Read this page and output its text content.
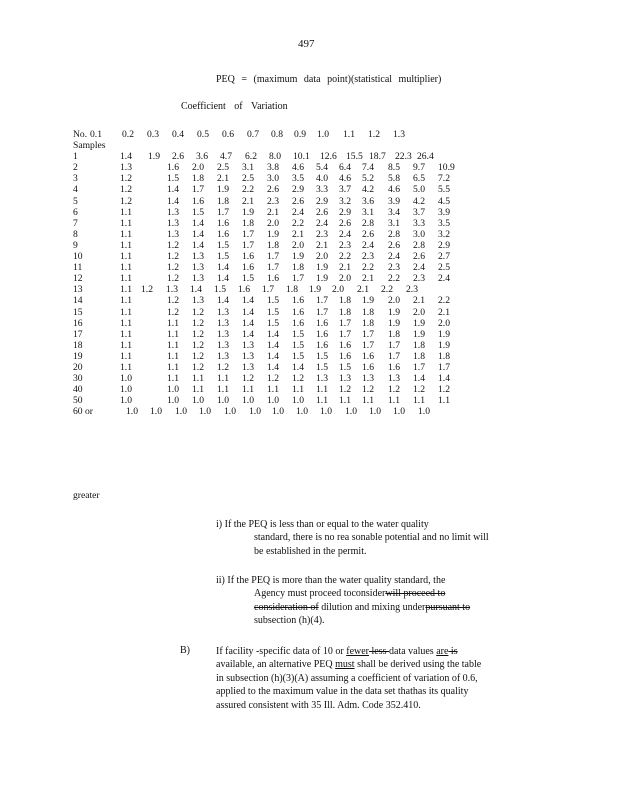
497
PEQ = (maximum data point)(statistical multiplier)
Coefficient of Variation
No. 0.1 0.2 0.3 0.4 0.5 0.6 0.7 0.8 0.9 1.0 1.1 1.2 1.3
Samples
1	1.4 1.9 2.6 3.6 4.7 6.2 8.0 10.1 12.6 15.5 18.7 22.3 26.4
2	1.3	1.6 2.0 2.5 3.1 3.8 4.6 5.4 6.4 7.4 8.5 9.7 10.9
3	1.2	1.5 1.8 2.1 2.5 3.0 3.5 4.0 4.6 5.2 5.8 6.5 7.2
4	1.2	1.4 1.7 1.9 2.2 2.6 2.9 3.3 3.7 4.2 4.6 5.0 5.5
5	1.2	1.4 1.6 1.8 2.1 2.3 2.6 2.9 3.2 3.6 3.9 4.2 4.5
6	1.1	1.3 1.5 1.7 1.9 2.1 2.4 2.6 2.9 3.1 3.4 3.7 3.9
7	1.1	1.3 1.4 1.6 1.8 2.0 2.2 2.4 2.6 2.8 3.1 3.3 3.5
8	1.1	1.3 1.4 1.6 1.7 1.9 2.1 2.3 2.4 2.6 2.8 3.0 3.2
9	1.1	1.2 1.4 1.5 1.7 1.8 2.0 2.1 2.3 2.4 2.6 2.8 2.9
10	1.1	1.2 1.3 1.5 1.6 1.7 1.9 2.0 2.2 2.3 2.4 2.6 2.7
11	1.1	1.2 1.3 1.4 1.6 1.7 1.8 1.9 2.1 2.2 2.3 2.4 2.5
12	1.1	1.2 1.3 1.4 1.5 1.6 1.7 1.9 2.0 2.1 2.2 2.3 2.4
13	1.1 1.2 1.3 1.4 1.5 1.6 1.7 1.8 1.9 2.0 2.1 2.2 2.3
14	1.1	1.2 1.3 1.4 1.4 1.5 1.6 1.7 1.8 1.9 2.0 2.1 2.2
15	1.1	1.2 1.2 1.3 1.4 1.5 1.6 1.7 1.8 1.8 1.9 2.0 2.1
16	1.1	1.1 1.2 1.3 1.4 1.5 1.6 1.6 1.7 1.8 1.9 1.9 2.0
17	1.1	1.1 1.2 1.3 1.4 1.4 1.5 1.6 1.7 1.7 1.8 1.9 1.9
18	1.1	1.1 1.2 1.3 1.3 1.4 1.5 1.6 1.6 1.7 1.7 1.8 1.9
19	1.1	1.1 1.2 1.3 1.3 1.4 1.5 1.5 1.6 1.6 1.7 1.8 1.8
20	1.1	1.1 1.2 1.2 1.3 1.4 1.4 1.5 1.5 1.6 1.6 1.7 1.7
30	1.0	1.1 1.1 1.1 1.2 1.2 1.2 1.3 1.3 1.3 1.3 1.4 1.4
40	1.0	1.0 1.1 1.1 1.1 1.1 1.1 1.1 1.2 1.2 1.2 1.2 1.2
50	1.0	1.0 1.0 1.0 1.0 1.0 1.0 1.1 1.1 1.1 1.1 1.1 1.1
60 or	1.0 1.0 1.0 1.0 1.0 1.0 1.0 1.0 1.0 1.0 1.0 1.0 1.0
greater
i) If the PEQ is less than or equal to the water quality
standard, there is no rea sonable potential and no limit will
be established in the permit.
ii) If the PEQ is more than the water quality standard, the
Agency must proceed toconsiderwill proceed to
consideration of dilution and mixing underpursuant to
subsection (h)(4).
B)	If facility -specific data of 10 or fewer less data values are is
available, an alternative PEQ must shall be derived using the table
in subsection (h)(3)(A) assuming a coefficient of variation of 0.6,
applied to the maximum value in the data set thathas its quality
assured consistent with 35 Ill. Adm. Code 352.410.
